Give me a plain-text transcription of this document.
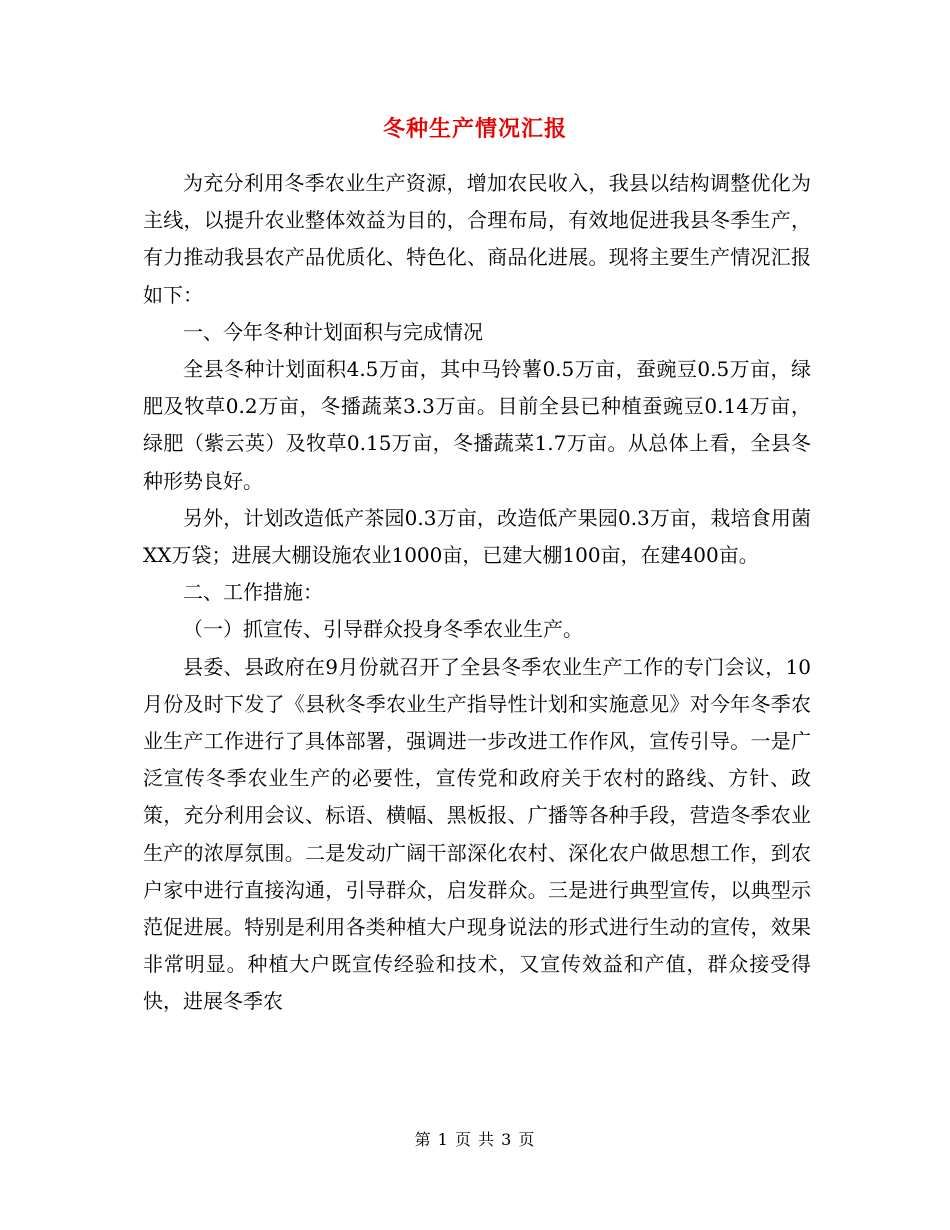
冬种生产情况汇报

为充分利用冬季农业生产资源，增加农民收入，我县以结构调整优化为主线，以提升农业整体效益为目的，合理布局，有效地促进我县冬季生产，有力推动我县农产品优质化、特色化、商品化进展。现将主要生产情况汇报如下：

一、今年冬种计划面积与完成情况

全县冬种计划面积4.5万亩，其中马铃薯0.5万亩，蚕豌豆0.5万亩，绿肥及牧草0.2万亩，冬播蔬菜3.3万亩。目前全县已种植蚕豌豆0.14万亩，绿肥（紫云英）及牧草0.15万亩，冬播蔬菜1.7万亩。从总体上看，全县冬种形势良好。

另外，计划改造低产茶园0.3万亩，改造低产果园0.3万亩，栽培食用菌XX万袋；进展大棚设施农业1000亩，已建大棚100亩，在建400亩。

二、工作措施：

（一）抓宣传、引导群众投身冬季农业生产。

县委、县政府在9月份就召开了全县冬季农业生产工作的专门会议，10月份及时下发了《县秋冬季农业生产指导性计划和实施意见》对今年冬季农业生产工作进行了具体部署，强调进一步改进工作作风，宣传引导。一是广泛宣传冬季农业生产的必要性，宣传党和政府关于农村的路线、方针、政策，充分利用会议、标语、横幅、黑板报、广播等各种手段，营造冬季农业生产的浓厚氛围。二是发动广阔干部深化农村、深化农户做思想工作，到农户家中进行直接沟通，引导群众，启发群众。三是进行典型宣传，以典型示范促进展。特别是利用各类种植大户现身说法的形式进行生动的宣传，效果非常明显。种植大户既宣传经验和技术，又宣传效益和产值，群众接受得快，进展冬季农

第 1 页 共 3 页
